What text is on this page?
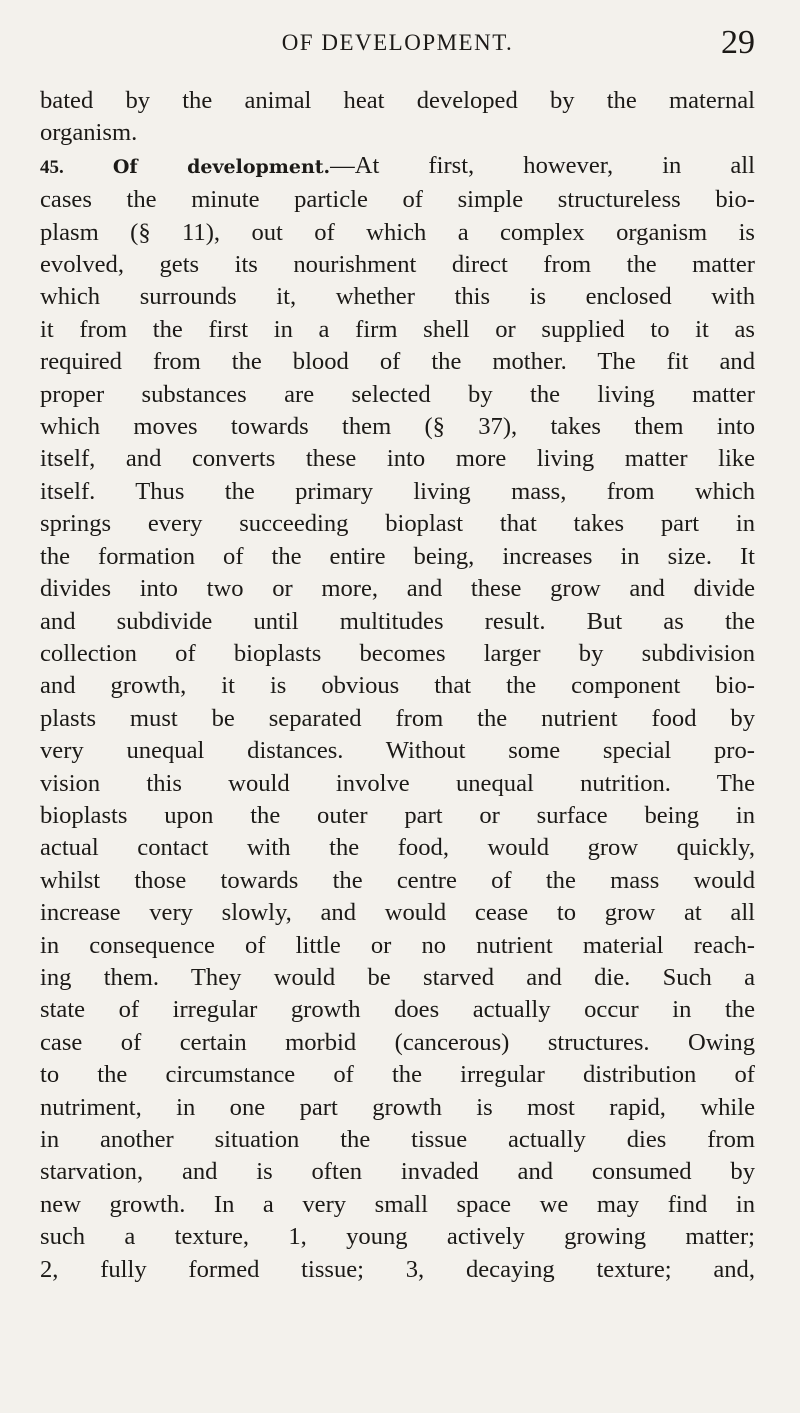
OF DEVELOPMENT.	29
bated by the animal heat developed by the maternal
organism.
45.	Of development.—At first, however, in all
cases the minute particle of simple structureless bio-
plasm (§ 11), out of which a complex organism is
evolved, gets its nourishment direct from the matter
which surrounds it, whether this is enclosed with
it from the first in a firm shell or supplied to it as
required from the blood of the mother. The fit and
proper substances are selected by the living matter
which moves towards them (§ 37), takes them into
itself, and converts these into more living matter like
itself. Thus the primary living mass, from which
springs every succeeding bioplast that takes part in
the formation of the entire being, increases in size. It
divides into two or more, and these grow and divide
and subdivide until multitudes result. But as the
collection of bioplasts becomes larger by subdivision
and growth, it is obvious that the component bio-
plasts must be separated from the nutrient food by
very unequal distances. Without some special pro-
vision this would involve unequal nutrition. The
bioplasts upon the outer part or surface being in
actual contact with the food, would grow quickly,
whilst those towards the centre of the mass would
increase very slowly, and would cease to grow at all
in consequence of little or no nutrient material reach-
ing them. They would be starved and die. Such a
state of irregular growth does actually occur in the
case of certain morbid (cancerous) structures. Owing
to the circumstance of the irregular distribution of
nutriment, in one part growth is most rapid, while
in another situation the tissue actually dies from
starvation, and is often invaded and consumed by
new growth. In a very small space we may find in
such a texture, 1, young actively growing matter;
2, fully formed tissue; 3, decaying texture; and,
